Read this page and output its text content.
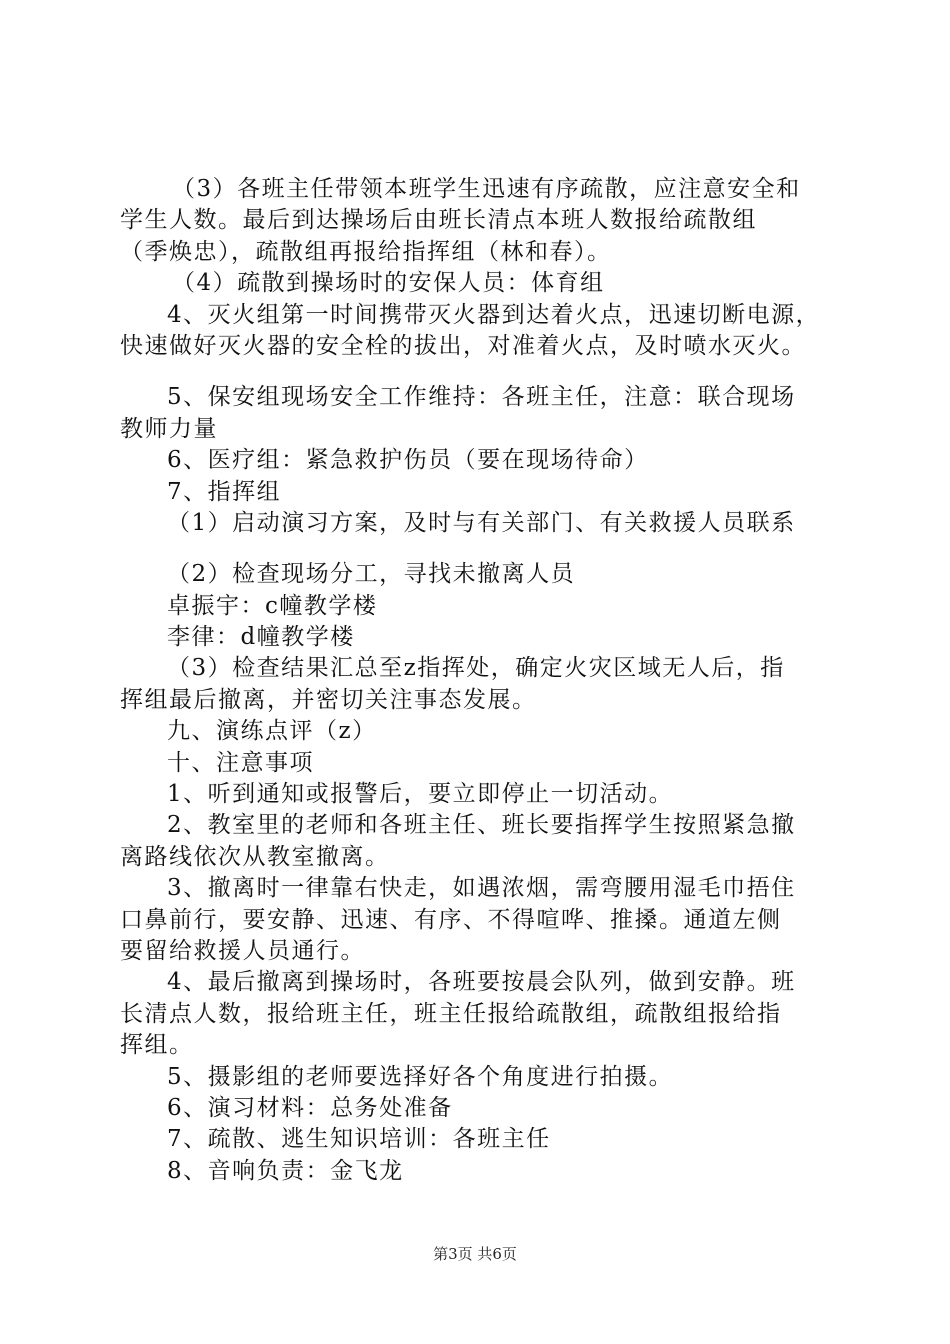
（3）各班主任带领本班学生迅速有序疏散，应注意安全和
学生人数。最后到达操场后由班长清点本班人数报给疏散组
（季焕忠），疏散组再报给指挥组（林和春）。
（4）疏散到操场时的安保人员：体育组
4、灭火组第一时间携带灭火器到达着火点，迅速切断电源，
快速做好灭火器的安全栓的拔出，对准着火点，及时喷水灭火。
5、保安组现场安全工作维持：各班主任，注意：联合现场
教师力量
6、医疗组：紧急救护伤员（要在现场待命）
7、指挥组
（1）启动演习方案，及时与有关部门、有关救援人员联系
（2）检查现场分工，寻找未撤离人员
卓振宇：c幢教学楼
李律：d幢教学楼
（3）检查结果汇总至z指挥处，确定火灾区域无人后，指
挥组最后撤离，并密切关注事态发展。
九、演练点评（z）
十、注意事项
1、听到通知或报警后，要立即停止一切活动。
2、教室里的老师和各班主任、班长要指挥学生按照紧急撤
离路线依次从教室撤离。
3、撤离时一律靠右快走，如遇浓烟，需弯腰用湿毛巾捂住
口鼻前行，要安静、迅速、有序、不得喧哗、推搡。通道左侧
要留给救援人员通行。
4、最后撤离到操场时，各班要按晨会队列，做到安静。班
长清点人数，报给班主任，班主任报给疏散组，疏散组报给指
挥组。
5、摄影组的老师要选择好各个角度进行拍摄。
6、演习材料：总务处准备
7、疏散、逃生知识培训：各班主任
8、音响负责：金飞龙
第3页 共6页
